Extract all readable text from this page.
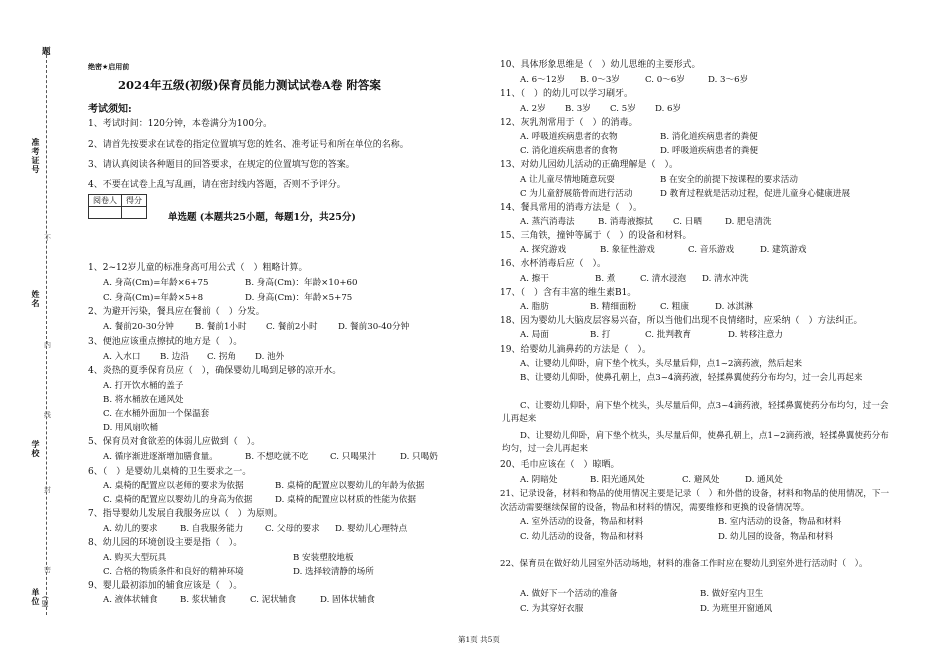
题
准考证号
姓名
学校
单位 (盟
不
内
线
封
密
绝密★启用前
2024年五级(初级)保育员能力测试试卷A卷 附答案
考试须知:
1、考试时间：120分钟，本卷满分为100分。
2、请首先按要求在试卷的指定位置填写您的姓名、准考证号和所在单位的名称。
3、请认真阅读各种题目的回答要求，在规定的位置填写您的答案。
4、不要在试卷上乱写乱画，请在密封线内答题，否则不予评分。
阅卷人	得分

单选题 (本题共25小题，每题1分，共25分)
1、2~12岁儿童的标准身高可用公式（　）粗略计算。
A. 身高(Cm)=年龄×6+75	B. 身高(Cm)：年龄×10+60
C. 身高(Cm)=年龄×5+8	D. 身高(Cm)：年龄×5+75
2、为避开污染，餐具应在餐前（　）分发。
A. 餐前20-30分钟 B. 餐前1小时 C. 餐前2小时 D. 餐前30-40分钟
3、便池应该重点擦拭的地方是（　）。
A. 入水口 B. 边沿 C. 拐角 D. 池外
4、炎热的夏季保育员应（　），确保婴幼儿喝到足够的凉开水。
A. 打开饮水桶的盖子
B. 将水桶放在通风处
C. 在水桶外面加一个保温套
D. 用风扇吹桶
5、保育员对食欲差的体弱儿应做到（　）。
A. 循序渐进逐渐增加膳食量。	B. 不想吃就不吃	C. 只喝果汁	D. 只喝奶
6、（　）是婴幼儿桌椅的卫生要求之一。
A. 桌椅的配置应以老师的要求为依据	B. 桌椅的配置应以婴幼儿的年龄为依据
C. 桌椅的配置应以婴幼儿的身高为依据	D. 桌椅的配置应以材质的性能为依据
7、指导婴幼儿发展自我服务应以（　）为原则。
A. 幼儿的要求	B. 自我服务能力	C. 父母的要求 D. 婴幼儿心理特点
8、幼儿园的环境创设主要是指（　）。
A. 购买大型玩具	B 安装塑胶地板
C. 合格的物质条件和良好的精神环境	D. 选择较清静的场所
9、婴儿最初添加的辅食应该是（　）。
A. 液体状辅食	B. 浆状辅食	C. 泥状辅食	D. 固体状辅食
10、具体形象思维是（　）幼儿思维的主要形式。
A. 6～12岁 B. 0～3岁	C. 0～6岁	D. 3～6岁
11、（　）的幼儿可以学习刷牙。
A. 2岁 B. 3岁 C. 5岁 D. 6岁
12、灰乳剂常用于（　）的消毒。
A. 呼吸道疾病患者的衣物	B. 消化道疾病患者的粪便
C. 消化道疾病患者的食物	D. 呼吸道疾病患者的粪便
13、对幼儿园幼儿活动的正确理解是（　）。
A 让儿童尽情地随意玩耍	B 在安全的前提下按课程的要求活动
C 为儿童舒展筋骨而进行活动	D 教育过程就是活动过程，促进儿童身心健康进展
14、餐具常用的消毒方法是（　）。
A. 蒸汽消毒法	B. 消毒液擦拭 C. 日晒	D. 肥皂清洗
15、三角铁，撞钟等属于（　）的设备和材料。
A. 探究游戏	B. 象征性游戏	C. 音乐游戏	D. 建筑游戏
16、水杯消毒后应（　）。
A. 擦干	B. 煮	C. 清水浸泡 D. 清水冲洗
17、（　）含有丰富的维生素B1。
A. 脂肪	B. 精细面粉	C. 粗康	D. 冰淇淋
18、因为婴幼儿大脑皮层容易兴奋，所以当他们出现不良情绪时，应采纳（　）方法纠正。
A. 局面	B. 打	C. 批判教育	D. 转移注意力
19、给婴幼儿滴鼻药的方法是（　）。
A、让婴幼儿仰卧，肩下垫个枕头，头尽量后仰，点1~2滴药液，然后起来
B、让婴幼儿仰卧，使鼻孔朝上，点3~4滴药液，轻揉鼻翼使药分布均匀，过一会儿再起来
C、让婴幼儿仰卧，肩下垫个枕头，头尽量后仰，点3~4滴药液，轻揉鼻翼使药分布均匀，过一会儿再起来
D、让婴幼儿仰卧，肩下垫个枕头，头尽量后仰，使鼻孔朝上，点1~2滴药液，轻揉鼻翼使药分布均匀，过一会儿再起来
20、毛巾应该在（　）晾晒。
A. 阴暗处	B. 阳光通风处	C. 避风处	D. 通风处
21、记录设备，材料和物品的使用情况主要是记录（　）和外借的设备，材料和物品的使用情况，下一次活动需要继续保留的设备，物品和材料的情况，需要维修和更换的设备情况等。
A. 室外活动的设备，物品和材料	B. 室内活动的设备，物品和材料
C. 幼儿活动的设备，物品和材料	D. 幼儿园的设备，物品和材料
22、保育员在做好幼儿园室外活动场地，材料的准备工作时应在婴幼儿到室外进行活动时（　）。
A. 做好下一个活动的准备	B. 做好室内卫生
C. 为其穿好衣服	D. 为班里开窗通风
第1页 共5页
